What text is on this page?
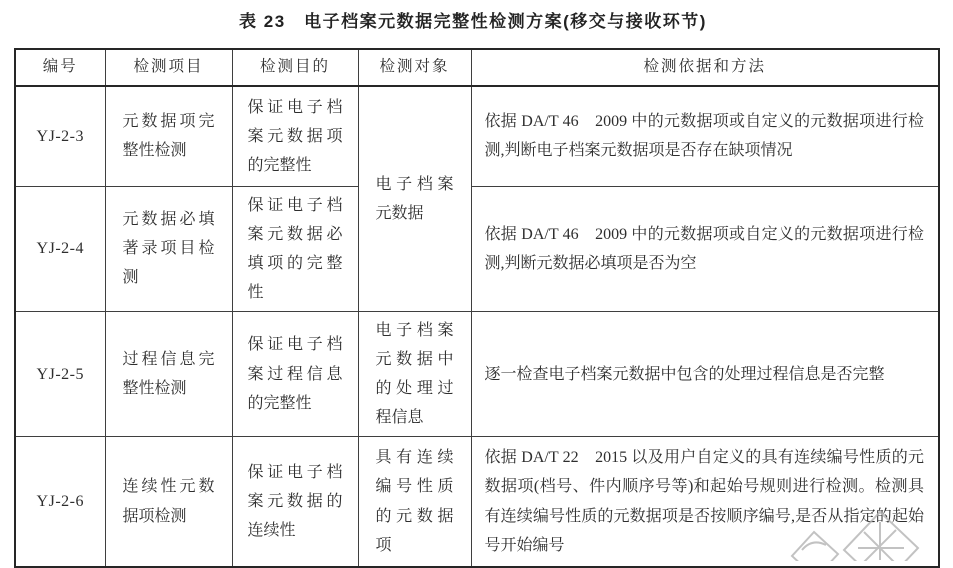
表 23　电子档案元数据完整性检测方案(移交与接收环节)
编号	检测项目	检测目的	检测对象	检测依据和方法
YJ-2-3	元数据项完整性检测	保证电子档案元数据项的完整性	电子档案元数据	依据 DA/T 46　2009 中的元数据项或自定义的元数据项进行检测,判断电子档案元数据项是否存在缺项情况
YJ-2-4	元数据必填著录项目检测	保证电子档案元数据必填项的完整性		依据 DA/T 46　2009 中的元数据项或自定义的元数据项进行检测,判断元数据必填项是否为空
YJ-2-5	过程信息完整性检测	保证电子档案过程信息的完整性	电子档案元数据中的处理过程信息	逐一检查电子档案元数据中包含的处理过程信息是否完整
YJ-2-6	连续性元数据项检测	保证电子档案元数据的连续性	具有连续编号性质的元数据项	依据 DA/T 22　2015 以及用户自定义的具有连续编号性质的元数据项(档号、件内顺序号等)和起始号规则进行检测。检测具有连续编号性质的元数据项是否按顺序编号,是否从指定的起始号开始编号
